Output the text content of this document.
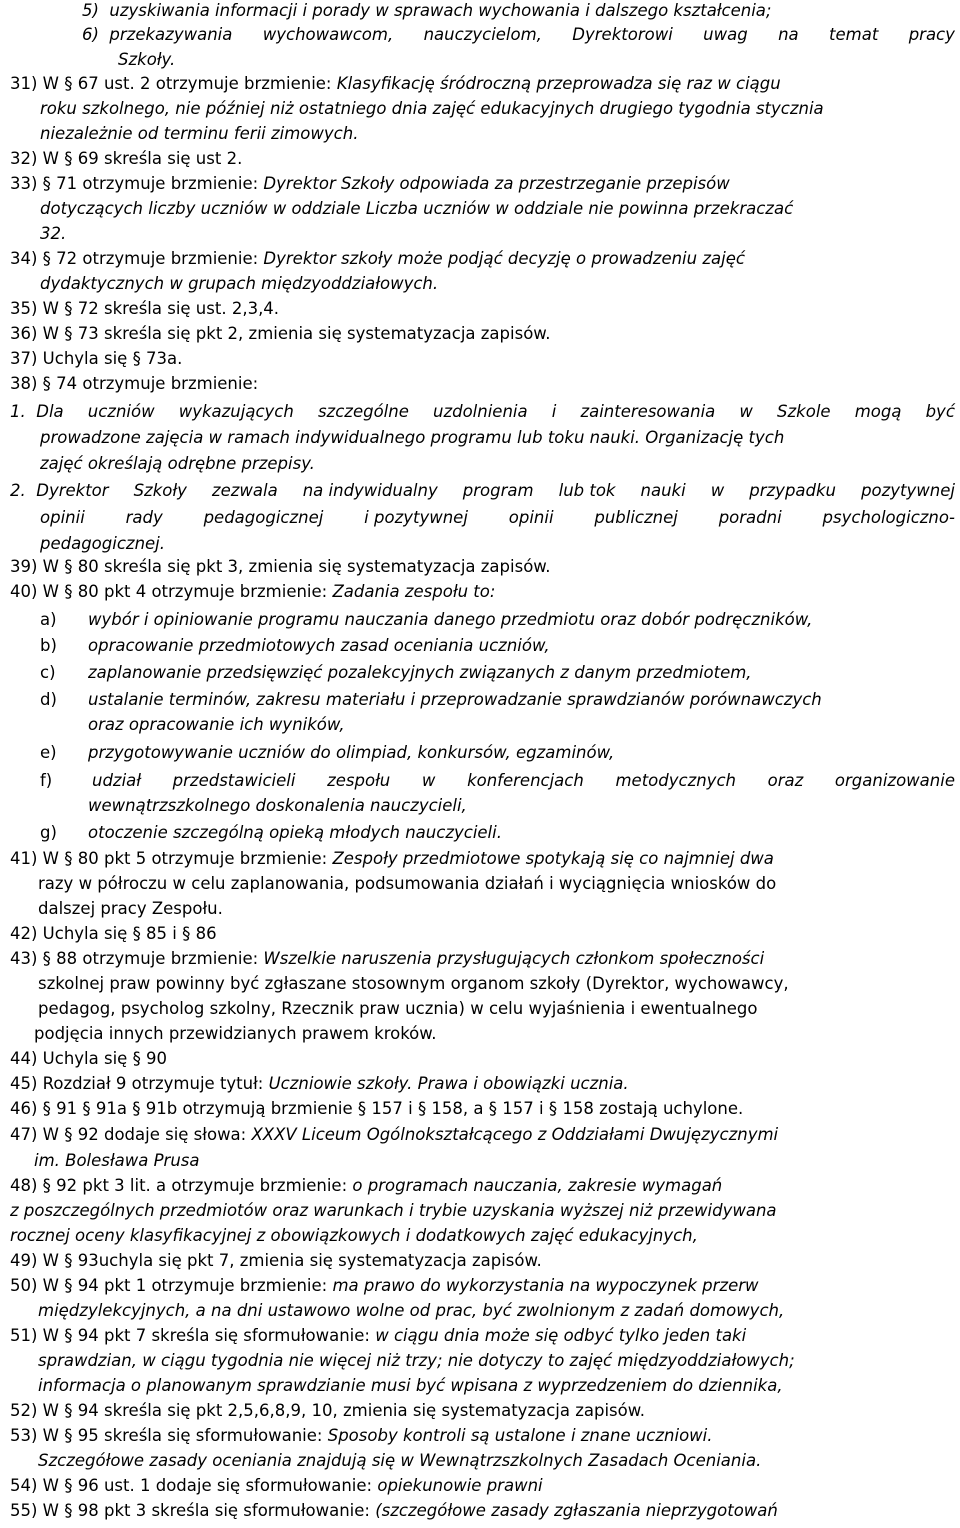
5)  uzyskiwania informacji i porady w sprawach wychowania i dalszego kształcenia;
6)  przekazywania wychowawcom, nauczycielom, Dyrektorowi uwag na temat pracy
Szkoły.
31) W § 67 ust. 2 otrzymuje brzmienie: Klasyfikację śródroczną przeprowadza się raz w ciągu
roku szkolnego, nie później niż ostatniego dnia zajęć edukacyjnych drugiego tygodnia stycznia
niezależnie od terminu ferii zimowych.
32) W § 69 skreśla się ust 2.
33) § 71 otrzymuje brzmienie: Dyrektor Szkoły odpowiada za przestrzeganie przepisów
dotyczących liczby uczniów w oddziale Liczba uczniów w oddziale nie powinna przekraczać
32.
34) § 72 otrzymuje brzmienie: Dyrektor szkoły może podjąć decyzję o prowadzeniu zajęć
dydaktycznych w grupach międzyoddziałowych.
35) W § 72 skreśla się ust. 2,3,4.
36) W § 73 skreśla się pkt 2, zmienia się systematyzacja zapisów.
37) Uchyla się § 73a.
38) § 74 otrzymuje brzmienie:
1.  Dla uczniów wykazujących szczególne uzdolnienia i zainteresowania w Szkole mogą być
prowadzone zajęcia w ramach indywidualnego programu lub toku nauki. Organizację tych
zajęć określają odrębne przepisy.
2.  Dyrektor Szkoły zezwala na indywidualny program lub tok nauki w przypadku pozytywnej
opinii rady pedagogicznej i pozytywnej opinii publicznej poradni psychologiczno-
pedagogicznej.
39) W § 80 skreśla się pkt 3, zmienia się systematyzacja zapisów.
40) W § 80 pkt 4 otrzymuje brzmienie: Zadania zespołu to:
a) wybór i opiniowanie programu nauczania danego przedmiotu oraz dobór podręczników,
b) opracowanie przedmiotowych zasad oceniania uczniów,
c) zaplanowanie przedsięwzięć pozalekcyjnych związanych z danym przedmiotem,
d) ustalanie terminów, zakresu materiału i przeprowadzanie sprawdzianów porównawczych
oraz opracowanie ich wyników,
e) przygotowywanie uczniów do olimpiad, konkursów, egzaminów,
f) udział przedstawicieli zespołu w konferencjach metodycznych oraz organizowanie
wewnątrzszkolnego doskonalenia nauczycieli,
g) otoczenie szczególną opieką młodych nauczycieli.
41) W § 80 pkt 5 otrzymuje brzmienie: Zespoły przedmiotowe spotykają się co najmniej dwa
razy w półroczu w celu zaplanowania, podsumowania działań i wyciągnięcia wniosków do
dalszej pracy Zespołu.
42) Uchyla się § 85 i § 86
43) § 88 otrzymuje brzmienie: Wszelkie naruszenia przysługujących członkom społeczności
szkolnej praw powinny być zgłaszane stosownym organom szkoły (Dyrektor, wychowawcy,
pedagog, psycholog szkolny, Rzecznik praw ucznia) w celu wyjaśnienia i ewentualnego
podjęcia innych przewidzianych prawem kroków.
44) Uchyla się § 90
45) Rozdział 9 otrzymuje tytuł: Uczniowie szkoły. Prawa i obowiązki ucznia.
46) § 91 § 91a § 91b otrzymują brzmienie § 157 i § 158, a § 157 i § 158 zostają uchylone.
47) W § 92 dodaje się słowa: XXXV Liceum Ogólnokształcącego z Oddziałami Dwujęzycznymi
im. Bolesława Prusa
48) § 92 pkt 3 lit. a otrzymuje brzmienie: o programach nauczania, zakresie wymagań
z poszczególnych przedmiotów oraz warunkach i trybie uzyskania wyższej niż przewidywana
rocznej oceny klasyfikacyjnej z obowiązkowych i dodatkowych zajęć edukacyjnych,
49) W § 93uchyla się pkt 7, zmienia się systematyzacja zapisów.
50) W § 94 pkt 1 otrzymuje brzmienie: ma prawo do wykorzystania na wypoczynek przerw
międzylekcyjnych, a na dni ustawowo wolne od prac, być zwolnionym z zadań domowych,
51) W § 94 pkt 7 skreśla się sformułowanie: w ciągu dnia może się odbyć tylko jeden taki
sprawdzian, w ciągu tygodnia nie więcej niż trzy; nie dotyczy to zajęć międzyoddziałowych;
informacja o planowanym sprawdzianie musi być wpisana z wyprzedzeniem do dziennika,
52) W § 94 skreśla się pkt 2,5,6,8,9, 10, zmienia się systematyzacja zapisów.
53) W § 95 skreśla się sformułowanie: Sposoby kontroli są ustalone i znane uczniowi.
Szczegółowe zasady oceniania znajdują się w Wewnątrzszkolnych Zasadach Oceniania.
54) W § 96 ust. 1 dodaje się sformułowanie: opiekunowie prawni
55) W § 98 pkt 3 skreśla się sformułowanie: (szczegółowe zasady zgłaszania nieprzygotowań
